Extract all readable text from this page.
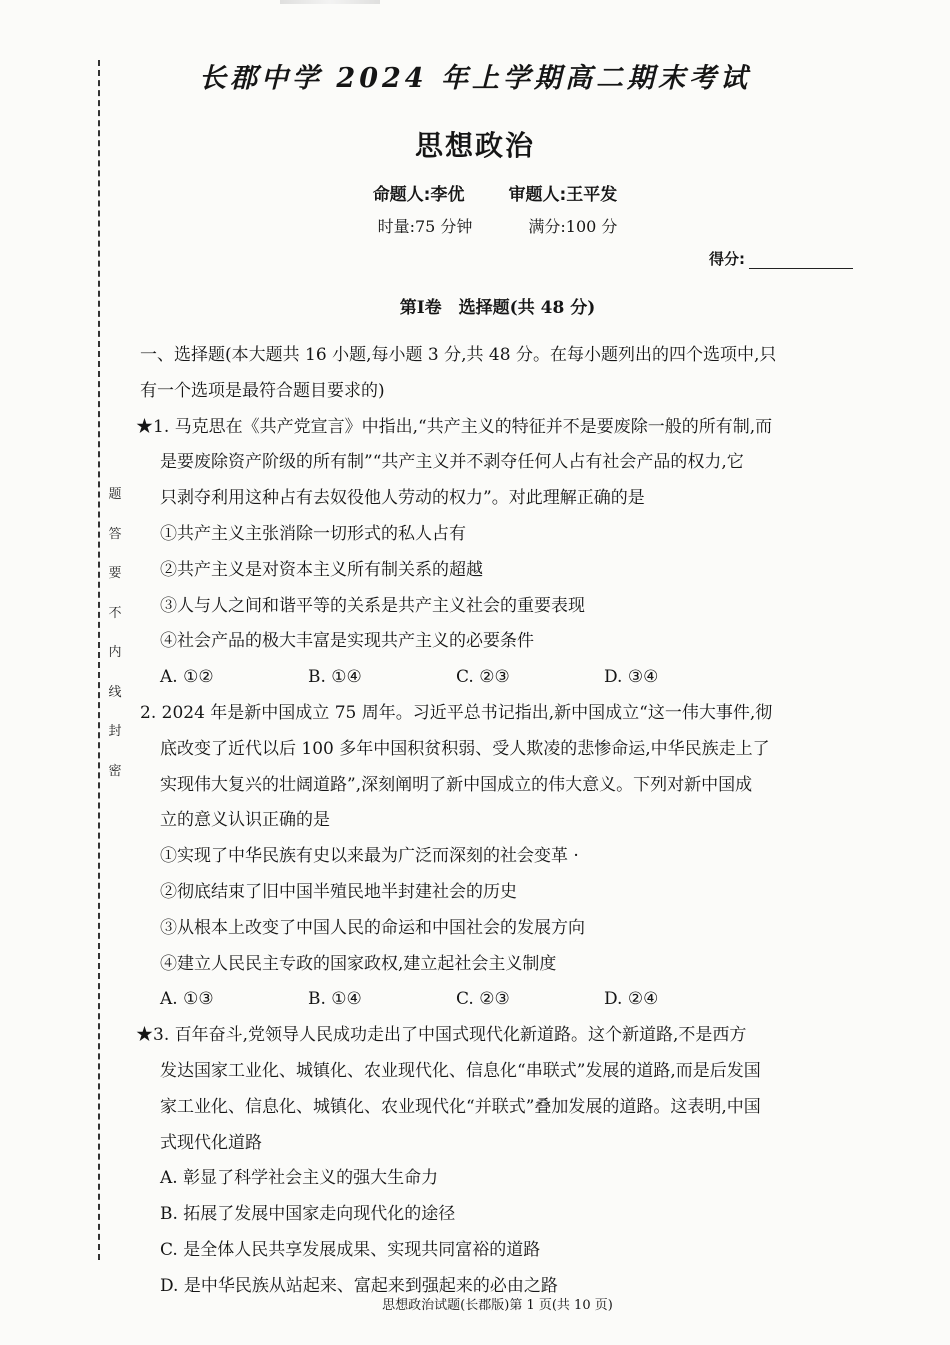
题
答
要
不
内
线
封
密
长郡中学 2024 年上学期高二期末考试
思想政治
命题人:李优	审题人:王平发
时量:75 分钟	满分:100 分
得分:
第Ⅰ卷　选择题(共 48 分)
一、选择题(本大题共 16 小题,每小题 3 分,共 48 分。在每小题列出的四个选项中,只
有一个选项是最符合题目要求的)
★1. 马克思在《共产党宣言》中指出,“共产主义的特征并不是要废除一般的所有制,而
是要废除资产阶级的所有制”“共产主义并不剥夺任何人占有社会产品的权力,它
只剥夺利用这种占有去奴役他人劳动的权力”。对此理解正确的是
①共产主义主张消除一切形式的私人占有
②共产主义是对资本主义所有制关系的超越
③人与人之间和谐平等的关系是共产主义社会的重要表现
④社会产品的极大丰富是实现共产主义的必要条件
A. ①②	B. ①④	C. ②③	D. ③④
2. 2024 年是新中国成立 75 周年。习近平总书记指出,新中国成立“这一伟大事件,彻
底改变了近代以后 100 多年中国积贫积弱、受人欺凌的悲惨命运,中华民族走上了
实现伟大复兴的壮阔道路”,深刻阐明了新中国成立的伟大意义。下列对新中国成
立的意义认识正确的是
①实现了中华民族有史以来最为广泛而深刻的社会变革 ·
②彻底结束了旧中国半殖民地半封建社会的历史
③从根本上改变了中国人民的命运和中国社会的发展方向
④建立人民民主专政的国家政权,建立起社会主义制度
A. ①③	B. ①④	C. ②③	D. ②④
★3. 百年奋斗,党领导人民成功走出了中国式现代化新道路。这个新道路,不是西方
发达国家工业化、城镇化、农业现代化、信息化“串联式”发展的道路,而是后发国
家工业化、信息化、城镇化、农业现代化“并联式”叠加发展的道路。这表明,中国
式现代化道路
A. 彰显了科学社会主义的强大生命力
B. 拓展了发展中国家走向现代化的途径
C. 是全体人民共享发展成果、实现共同富裕的道路
D. 是中华民族从站起来、富起来到强起来的必由之路
思想政治试题(长郡版)第 1 页(共 10 页)
